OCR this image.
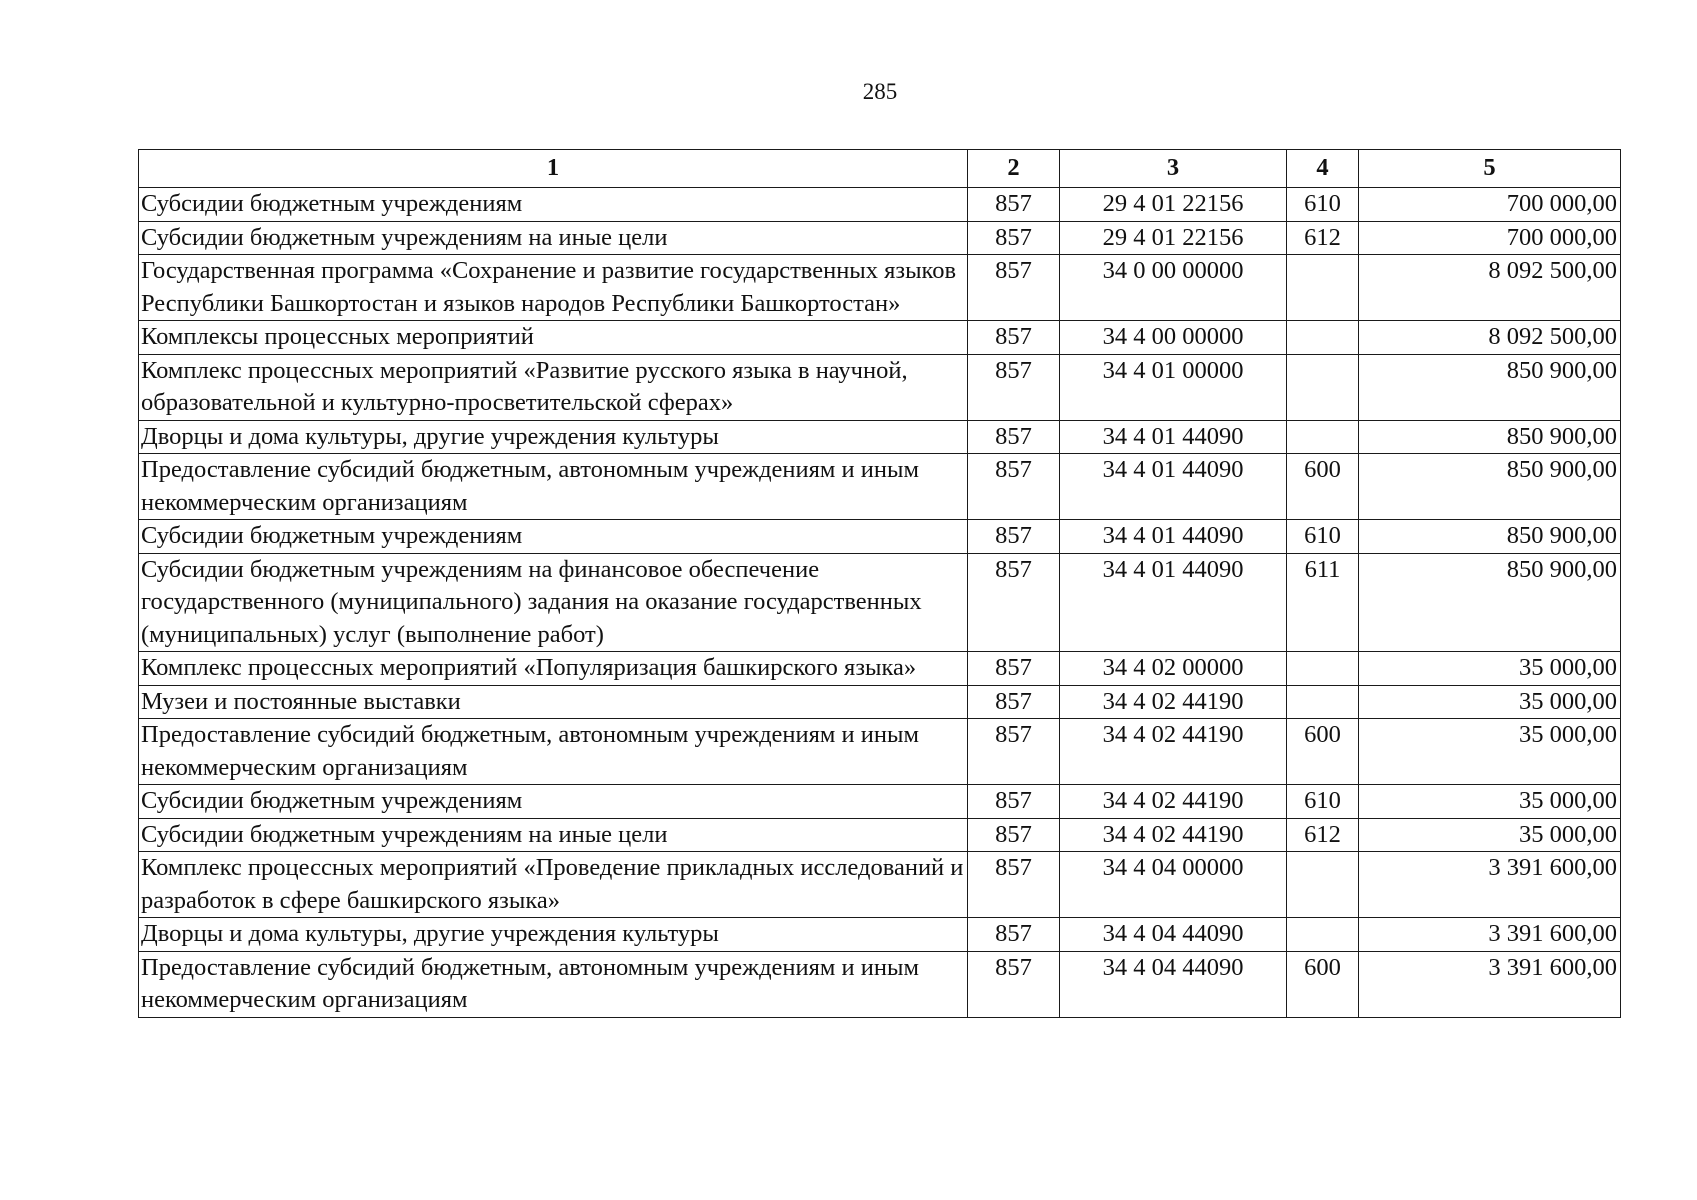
285
1	2	3	4	5
Субсидии бюджетным учреждениям	857	29 4 01 22156	610	700 000,00
Субсидии бюджетным учреждениям на иные цели	857	29 4 01 22156	612	700 000,00
Государственная программа «Сохранение и развитие государственных языков Республики Башкортостан и языков народов Республики Башкортостан»	857	34 0 00 00000		8 092 500,00
Комплексы процессных мероприятий	857	34 4 00 00000		8 092 500,00
Комплекс процессных мероприятий «Развитие русского языка в научной, образовательной и культурно-просветительской сферах»	857	34 4 01 00000		850 900,00
Дворцы и дома культуры, другие учреждения культуры	857	34 4 01 44090		850 900,00
Предоставление субсидий бюджетным, автономным учреждениям и иным некоммерческим организациям	857	34 4 01 44090	600	850 900,00
Субсидии бюджетным учреждениям	857	34 4 01 44090	610	850 900,00
Субсидии бюджетным учреждениям на финансовое обеспечение государственного (муниципального) задания на оказание государственных (муниципальных) услуг (выполнение работ)	857	34 4 01 44090	611	850 900,00
Комплекс процессных мероприятий «Популяризация башкирского языка»	857	34 4 02 00000		35 000,00
Музеи и постоянные выставки	857	34 4 02 44190		35 000,00
Предоставление субсидий бюджетным, автономным учреждениям и иным некоммерческим организациям	857	34 4 02 44190	600	35 000,00
Субсидии бюджетным учреждениям	857	34 4 02 44190	610	35 000,00
Субсидии бюджетным учреждениям на иные цели	857	34 4 02 44190	612	35 000,00
Комплекс процессных мероприятий «Проведение прикладных исследований и разработок в сфере башкирского языка»	857	34 4 04 00000		3 391 600,00
Дворцы и дома культуры, другие учреждения культуры	857	34 4 04 44090		3 391 600,00
Предоставление субсидий бюджетным, автономным учреждениям и иным некоммерческим организациям	857	34 4 04 44090	600	3 391 600,00
